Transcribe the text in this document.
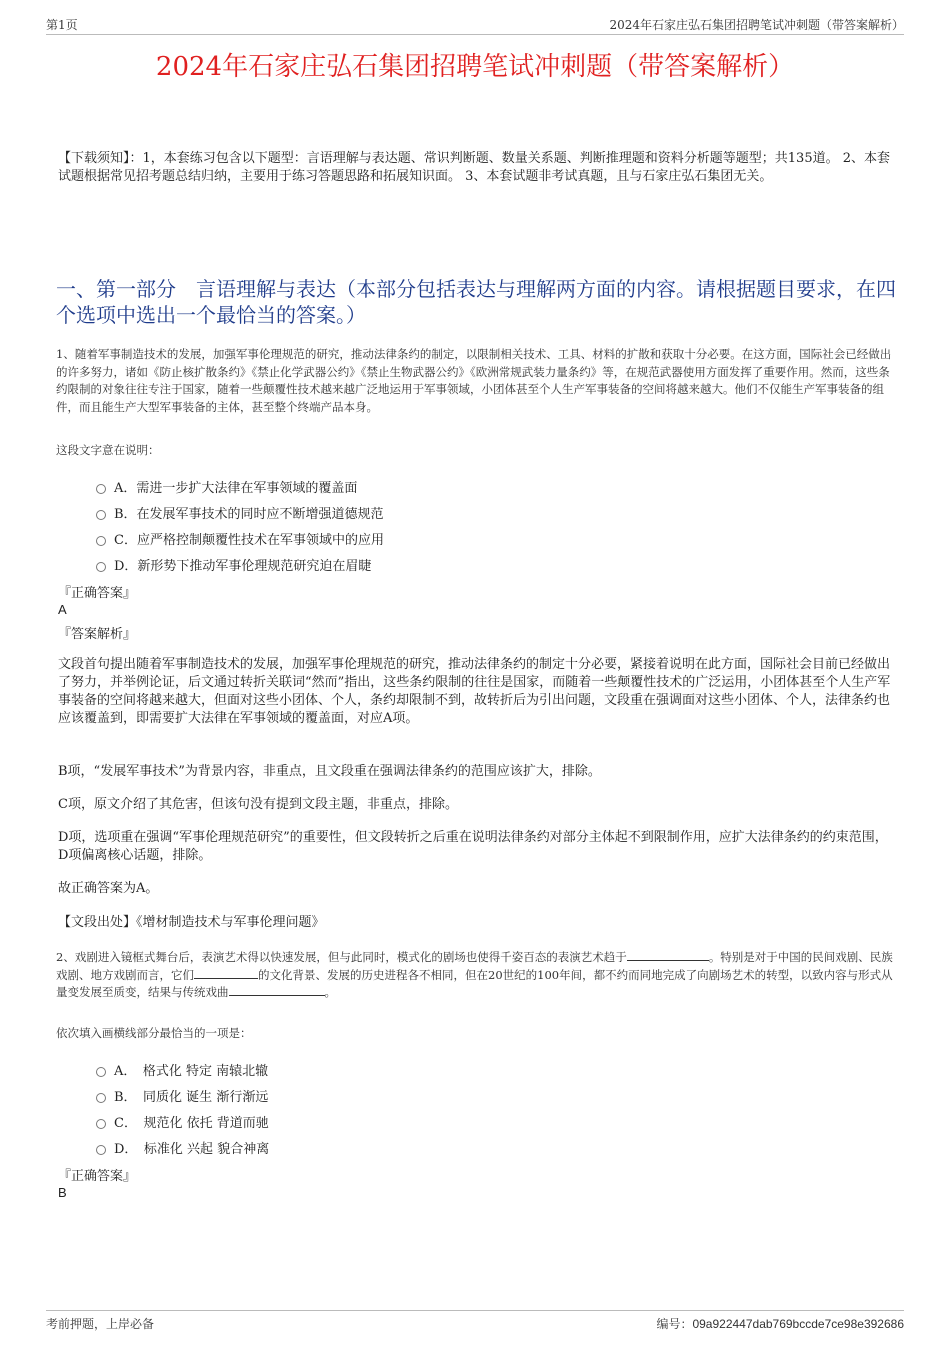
第1页	2024年石家庄弘石集团招聘笔试冲刺题（带答案解析）
2024年石家庄弘石集团招聘笔试冲刺题（带答案解析）
【下载须知】：1，本套练习包含以下题型：言语理解与表达题、常识判断题、数量关系题、判断推理题和资料分析题等题型；共135道。 2、本套试题根据常见招考题总结归纳，主要用于练习答题思路和拓展知识面。 3、本套试题非考试真题，且与石家庄弘石集团无关。
一、第一部分　言语理解与表达（本部分包括表达与理解两方面的内容。请根据题目要求，在四个选项中选出一个最恰当的答案。）
1、随着军事制造技术的发展，加强军事伦理规范的研究，推动法律条约的制定，以限制相关技术、工具、材料的扩散和获取十分必要。在这方面，国际社会已经做出的许多努力，诸如《防止核扩散条约》《禁止化学武器公约》《禁止生物武器公约》《欧洲常规武装力量条约》等，在规范武器使用方面发挥了重要作用。然而，这些条约限制的对象往往专注于国家，随着一些颠覆性技术越来越广泛地运用于军事领域，小团体甚至个人生产军事装备的空间将越来越大。他们不仅能生产军事装备的组件，而且能生产大型军事装备的主体，甚至整个终端产品本身。
这段文字意在说明：
A．需进一步扩大法律在军事领域的覆盖面
B．在发展军事技术的同时应不断增强道德规范
C．应严格控制颠覆性技术在军事领域中的应用
D．新形势下推动军事伦理规范研究迫在眉睫
『正确答案』
A
『答案解析』
文段首句提出随着军事制造技术的发展，加强军事伦理规范的研究，推动法律条约的制定十分必要，紧接着说明在此方面，国际社会目前已经做出了努力，并举例论证，后文通过转折关联词“然而”指出，这些条约限制的往往是国家，而随着一些颠覆性技术的广泛运用，小团体甚至个人生产军事装备的空间将越来越大，但面对这些小团体、个人，条约却限制不到，故转折后为引出问题，文段重在强调面对这些小团体、个人，法律条约也应该覆盖到，即需要扩大法律在军事领域的覆盖面，对应A项。
B项，“发展军事技术”为背景内容，非重点，且文段重在强调法律条约的范围应该扩大，排除。
C项，原文介绍了其危害，但该句没有提到文段主题，非重点，排除。
D项，选项重在强调“军事伦理规范研究”的重要性，但文段转折之后重在说明法律条约对部分主体起不到限制作用，应扩大法律条约的约束范围，D项偏离核心话题，排除。
故正确答案为A。
【文段出处】《增材制造技术与军事伦理问题》
2、戏剧进入镜框式舞台后，表演艺术得以快速发展，但与此同时，模式化的剧场也使得千姿百态的表演艺术趋于	。特别是对于中国的民间戏剧、民族戏剧、地方戏剧而言，它们	的文化背景、发展的历史进程各不相同，但在20世纪的100年间，都不约而同地完成了向剧场艺术的转型，以致内容与形式从量变发展至质变，结果与传统戏曲	。
依次填入画横线部分最恰当的一项是：
A．　格式化 特定 南辕北辙
B．　同质化 诞生 渐行渐远
C．　规范化 依托 背道而驰
D．　标准化 兴起 貌合神离
『正确答案』
B
考前押题，上岸必备	编号：09a922447dab769bccde7ce98e392686
